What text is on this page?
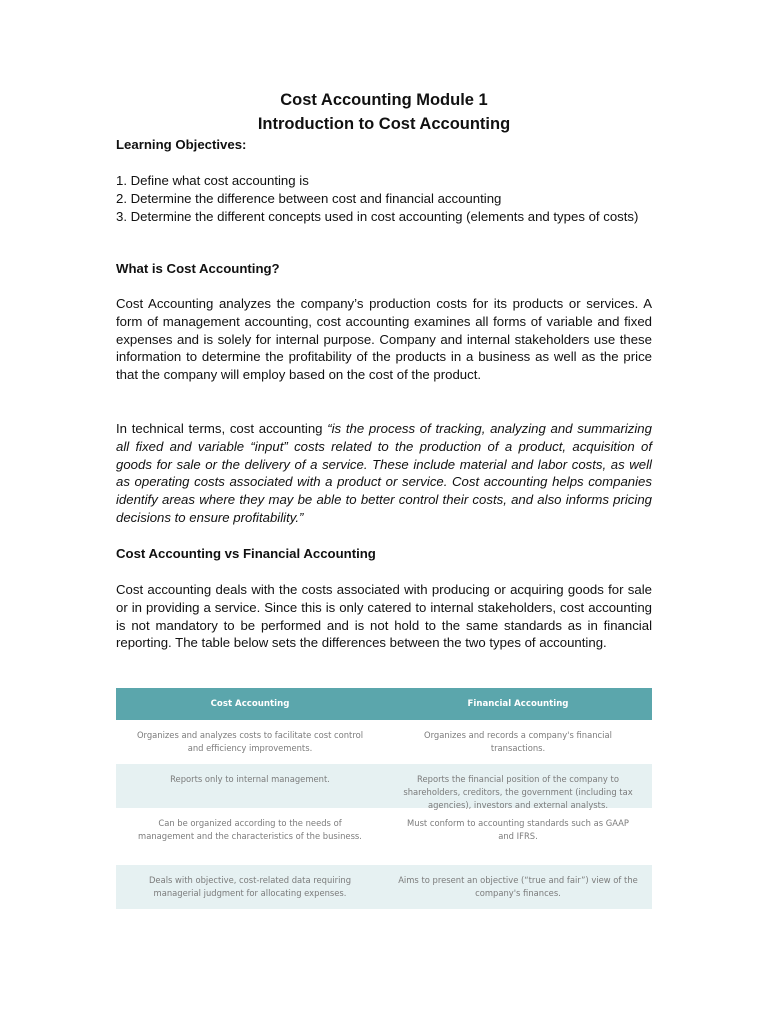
Cost Accounting Module 1
Introduction to Cost Accounting

Learning Objectives:

1. Define what cost accounting is
2. Determine the difference between cost and financial accounting
3. Determine the different concepts used in cost accounting (elements and types of costs)

What is Cost Accounting?

Cost Accounting analyzes the company’s production costs for its products or services. A form of management accounting, cost accounting examines all forms of variable and fixed expenses and is solely for internal purpose. Company and internal stakeholders use these information to determine the profitability of the products in a business as well as the price that the company will employ based on the cost of the product.

In technical terms, cost accounting “is the process of tracking, analyzing and summarizing all fixed and variable “input” costs related to the production of a product, acquisition of goods for sale or the delivery of a service. These include material and labor costs, as well as operating costs associated with a product or service. Cost accounting helps companies identify areas where they may be able to better control their costs, and also informs pricing decisions to ensure profitability.”

Cost Accounting vs Financial Accounting

Cost accounting deals with the costs associated with producing or acquiring goods for sale or in providing a service. Since this is only catered to internal stakeholders, cost accounting is not mandatory to be performed and is not hold to the same standards as in financial reporting. The table below sets the differences between the two types of accounting.

Cost Accounting	Financial Accounting
Organizes and analyzes costs to facilitate cost control and efficiency improvements.
Organizes and records a company's financial transactions.
Reports only to internal management.	Reports the financial position of the company to shareholders, creditors, the government (including tax agencies), investors and external analysts.
Can be organized according to the needs of management and the characteristics of the business.
Must conform to accounting standards such as GAAP and IFRS.
Deals with objective, cost-related data requiring managerial judgment for allocating expenses.
Aims to present an objective (“true and fair”) view of the company's finances.
